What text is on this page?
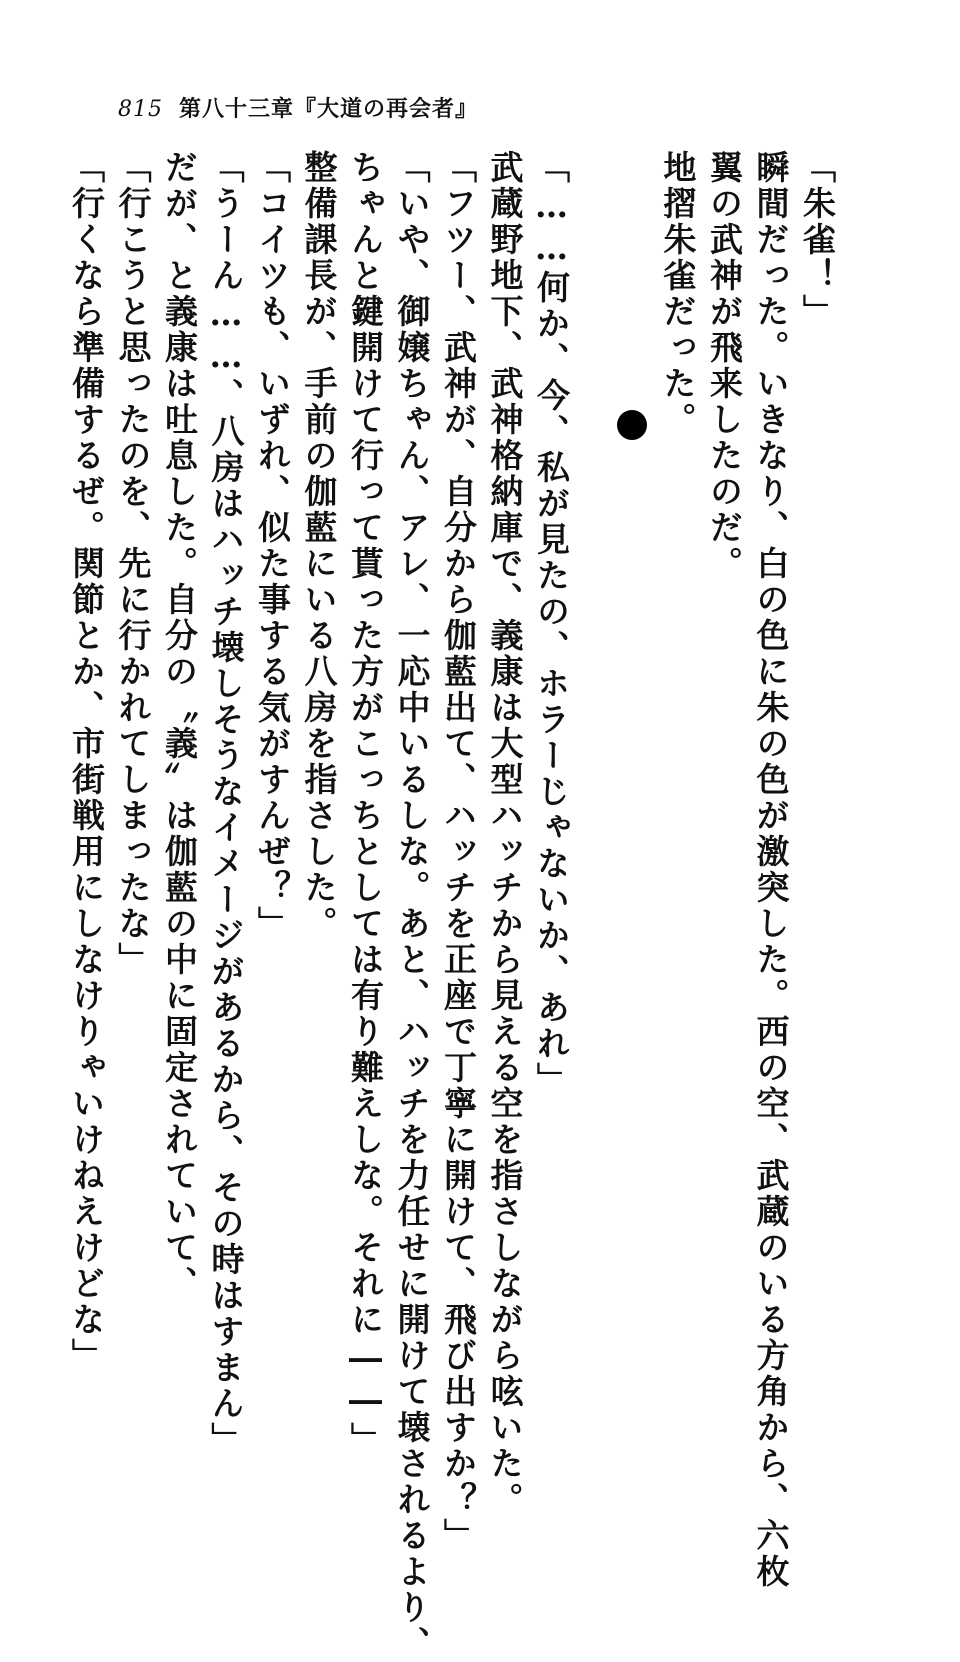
815 第八十三章『大道の再会者』
「朱雀！」
瞬間だった。いきなり、白の色に朱の色が激突した。西の空、武蔵のいる方角から、六枚
翼の武神が飛来したのだ。
地摺朱雀だった。
「……何か、今、私が見たの、ホラーじゃないか、あれ」
武蔵野地下、武神格納庫で、義康は大型ハッチから見える空を指さしながら呟いた。
「フツー、武神が、自分から伽藍出て、ハッチを正座で丁寧に開けて、飛び出すか？」
「いや、御嬢ちゃん、アレ、一応中いるしな。あと、ハッチを力任せに開けて壊されるより、
ちゃんと鍵開けて行って貰った方がこっちとしては有り難えしな。それに――」
整備課長が、手前の伽藍にいる八房を指さした。
「コイツも、いずれ、似た事する気がすんぜ？」
「うーん……、八房はハッチ壊しそうなイメージがあるから、その時はすまん」
だが、と義康は吐息した。自分の〝義〟は伽藍の中に固定されていて、
「行こうと思ったのを、先に行かれてしまったな」
「行くなら準備するぜ。関節とか、市街戦用にしなけりゃいけねえけどな」
